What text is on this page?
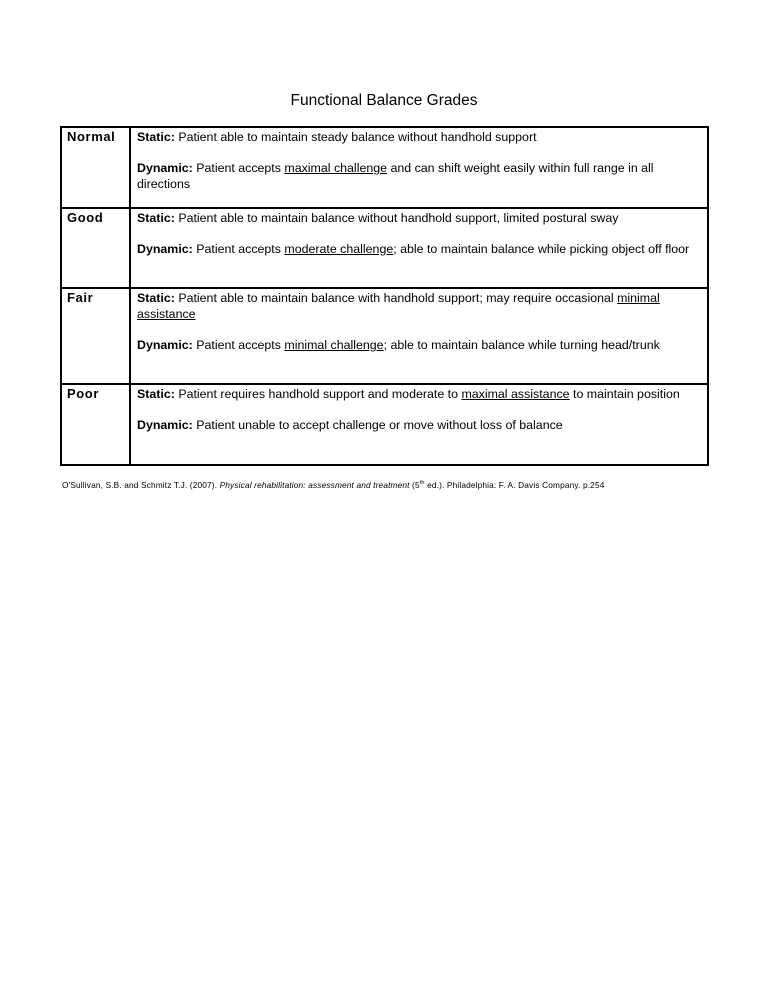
Functional Balance Grades
Normal	Static: Patient able to maintain steady balance without handhold support

Dynamic: Patient accepts maximal challenge and can shift weight easily within full range in all directions

Good	Static: Patient able to maintain balance without handhold support, limited postural sway

Dynamic: Patient accepts moderate challenge; able to maintain balance while picking object off floor

Fair	Static: Patient able to maintain balance with handhold support; may require occasional minimal assistance

Dynamic: Patient accepts minimal challenge; able to maintain balance while turning head/trunk

Poor	Static: Patient requires handhold support and moderate to maximal assistance to maintain position

Dynamic: Patient unable to accept challenge or move without loss of balance

O'Sullivan, S.B. and Schmitz T.J. (2007). Physical rehabilitation: assessment and treatment (5th ed.). Philadelphia: F. A. Davis Company. p.254
